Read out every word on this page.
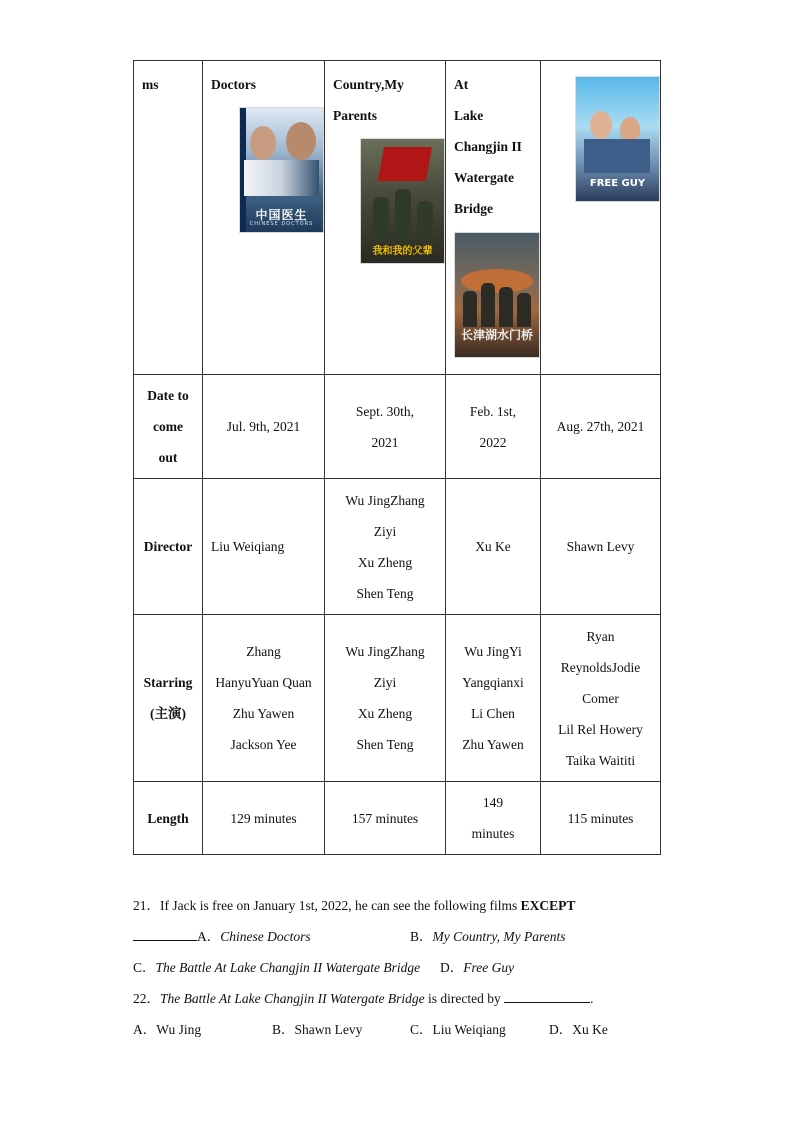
ms	Doctors	Country,My
Parents	At
Lake
Changjin II
Watergate
Bridge	

Date to
come
out	Jul. 9th, 2021	Sept. 30th,
2021	Feb. 1st,
2022	Aug. 27th, 2021
Director	Liu Weiqiang	Wu JingZhang
Ziyi
Xu Zheng
Shen Teng	Xu Ke	Shawn Levy
Starring
(主演)	Zhang
HanyuYuan Quan
Zhu Yawen
Jackson Yee	Wu JingZhang
Ziyi
Xu Zheng
Shen Teng	Wu JingYi
Yangqianxi
Li Chen
Zhu Yawen	Ryan
ReynoldsJodie
Comer
Lil Rel Howery
Taika Waititi
Length	129 minutes	157 minutes	149
minutes	115 minutes
中国医生
CHINESE DOCTORS
我和我的父辈
长津湖水门桥
FREE GUY
21．If Jack is free on January 1st, 2022, he can see the following films EXCEPT
A．Chinese Doctors	B．My Country, My Parents
C．The Battle At Lake Changjin II Watergate Bridge D．Free Guy
22．The Battle At Lake Changjin II Watergate Bridge is directed by	.
A．Wu Jing	B．Shawn Levy	C．Liu Weiqiang	D．Xu Ke
